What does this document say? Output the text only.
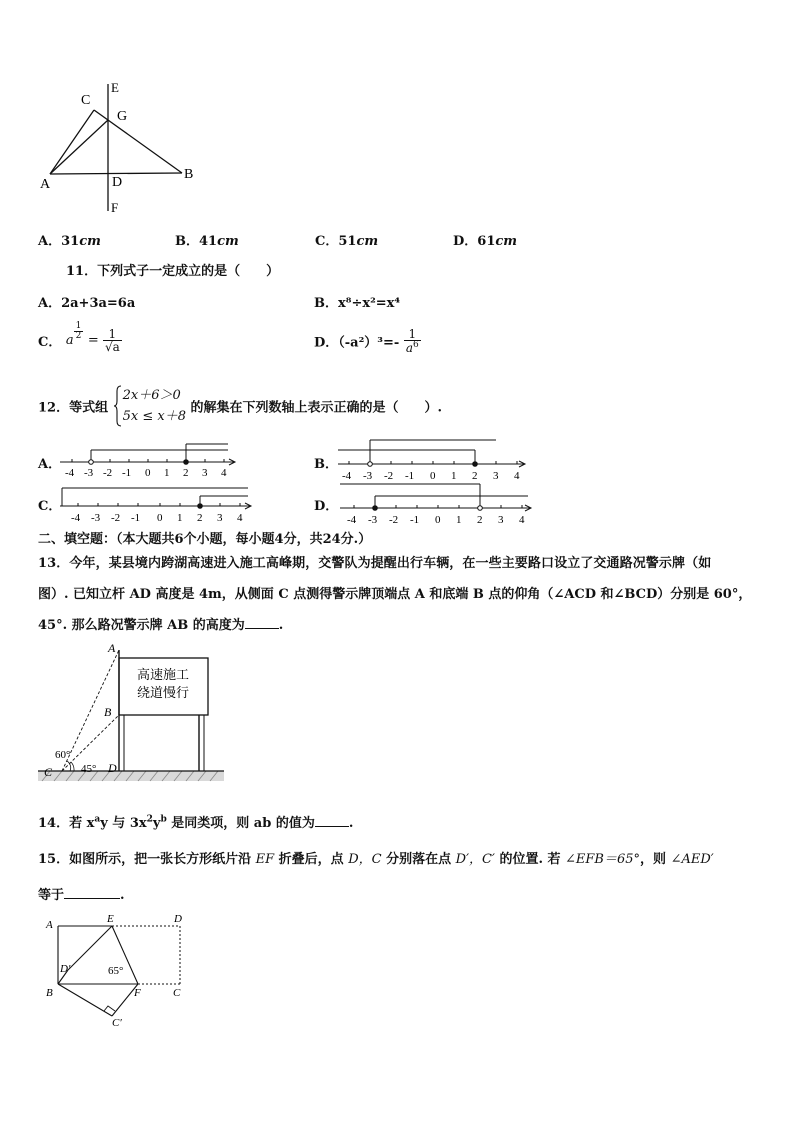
C
E
G
A	D
B
F
A．31cm	B．41cm	C．51cm	D．61cm
11．下列式子一定成立的是（　　）
A．2a+3a=6a	B．x⁸÷x²=x⁴
C． a $\frac{1}{2} = \frac{1}{√a}$	D．$(-a^2)^3=- \frac{1}{a^6}$
12．等式组
2x＋6＞0
5x ≤ x＋8
的解集在下列数轴上表示正确的是（　　）.
A．	B．
C．	D．
-4 -3 -2 -1 0 1 2 3 4	-4 -3 -2 -1 0 1 2 3 4
-4 -3 -2 -1 0 1 2 3 4	-4 -3 -2 -1 0 1 2 3 4
二、填空题：（本大题共6个小题，每小题4分，共24分.）
13．今年，某县境内跨湖高速进入施工高峰期，交警队为提醒出行车辆，在一些主要路口设立了交通路况警示牌（如
图）. 已知立杆 AD 高度是 4m，从侧面 C 点测得警示牌顶端点 A 和底端 B 点的仰角（∠ACD 和∠BCD）分别是 60°，
45°. 那么路况警示牌 AB 的高度为	.
高速施工
绕道慢行
A
B
C	D
60°
45°
14．若 $x^ay$ 与 $3x^2y^b$ 是同类项，则 ab 的值为	.
15．如图所示，把一张长方形纸片沿 EF 折叠后，点 D，C 分别落在点 D′，C′ 的位置. 若 ∠EFB＝65°，则 ∠AED′
等于	.
A	E	D
D′	65°
B	F	C
C′
